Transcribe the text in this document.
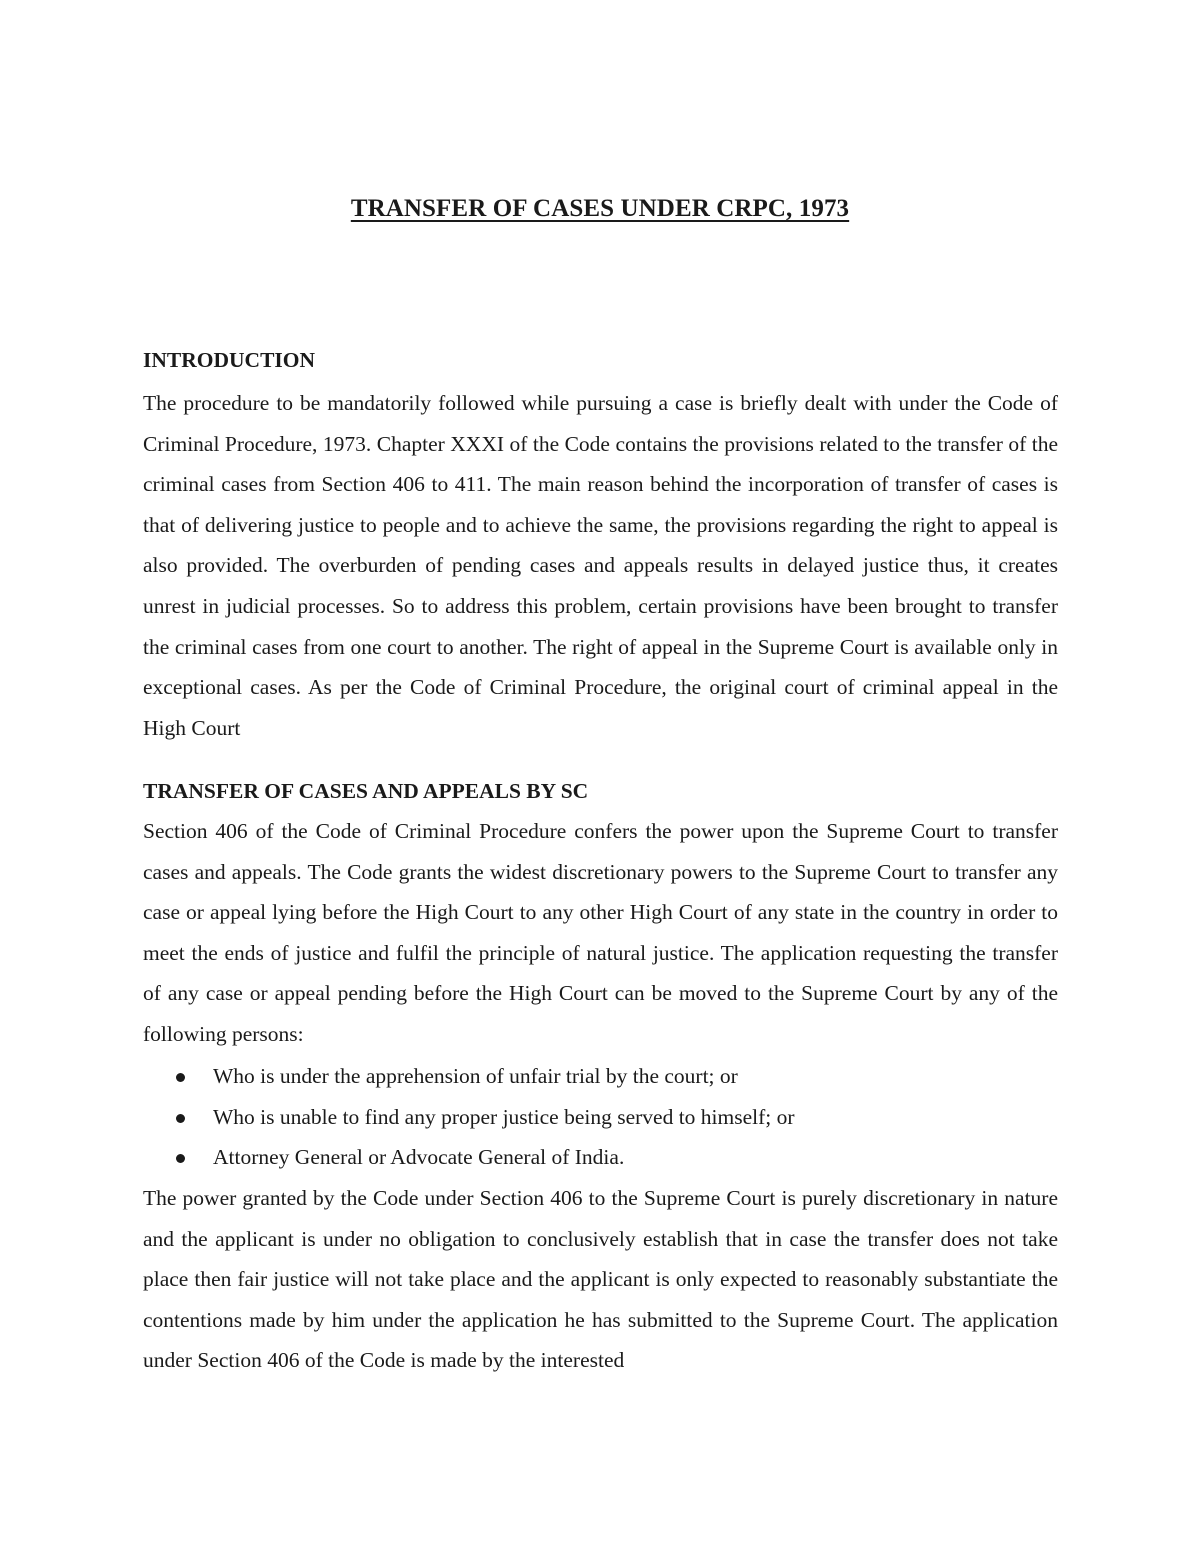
TRANSFER OF CASES UNDER CRPC, 1973
INTRODUCTION

The procedure to be mandatorily followed while pursuing a case is briefly dealt with under the Code of Criminal Procedure, 1973. Chapter XXXI of the Code contains the provisions related to the transfer of the criminal cases from Section 406 to 411. The main reason behind the incorporation of transfer of cases is that of delivering justice to people and to achieve the same, the provisions regarding the right to appeal is also provided. The overburden of pending cases and appeals results in delayed justice thus, it creates unrest in judicial processes. So to address this problem, certain provisions have been brought to transfer the criminal cases from one court to another. The right of appeal in the Supreme Court is available only in exceptional cases. As per the Code of Criminal Procedure, the original court of criminal appeal in the High Court

TRANSFER OF CASES AND APPEALS BY SC

Section 406 of the Code of Criminal Procedure confers the power upon the Supreme Court to transfer cases and appeals. The Code grants the widest discretionary powers to the Supreme Court to transfer any case or appeal lying before the High Court to any other High Court of any state in the country in order to meet the ends of justice and fulfil the principle of natural justice. The application requesting the transfer of any case or appeal pending before the High Court can be moved to the Supreme Court by any of the following persons:

Who is under the apprehension of unfair trial by the court; or
Who is unable to find any proper justice being served to himself; or
Attorney General or Advocate General of India.

The power granted by the Code under Section 406 to the Supreme Court is purely discretionary in nature and the applicant is under no obligation to conclusively establish that in case the transfer does not take place then fair justice will not take place and the applicant is only expected to reasonably substantiate the contentions made by him under the application he has submitted to the Supreme Court. The application under Section 406 of the Code is made by the interested
